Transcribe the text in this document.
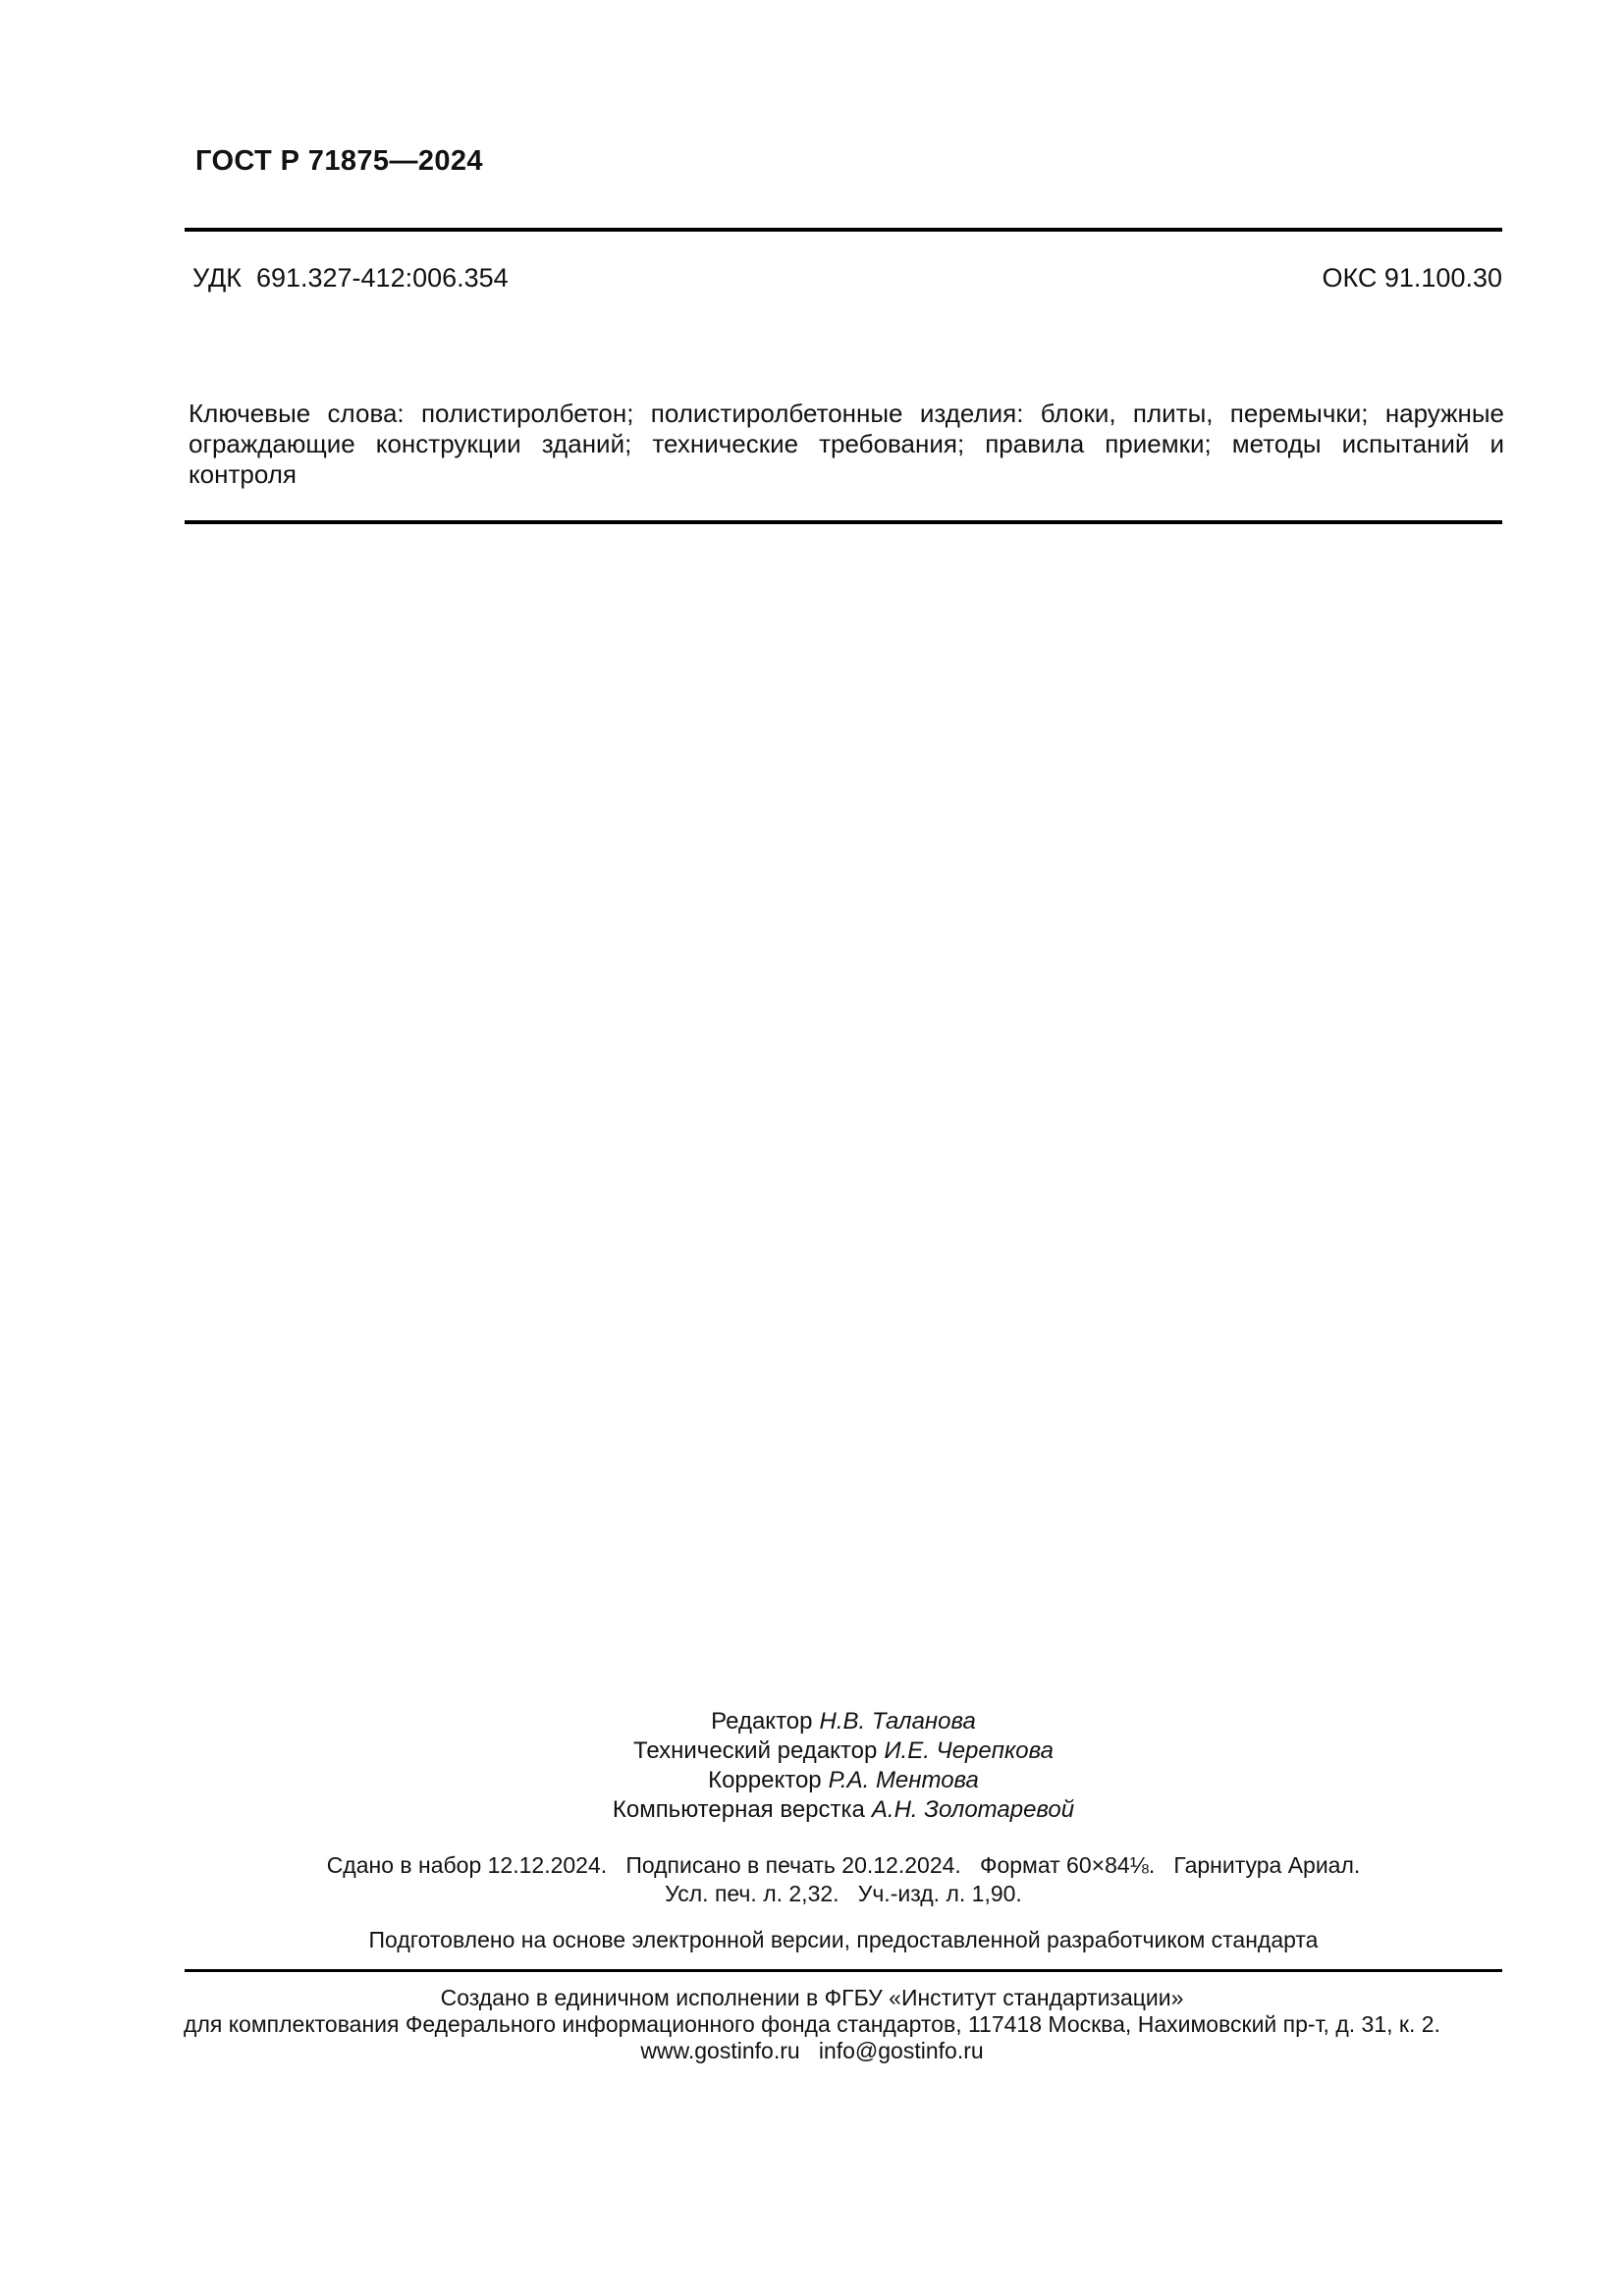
ГОСТ Р 71875—2024
УДК  691.327-412:006.354	ОКС 91.100.30
Ключевые слова: полистиролбетон; полистиролбетонные изделия: блоки, плиты, перемычки; наружные ограждающие конструкции зданий; технические требования; правила приемки; методы испытаний и контроля
Редактор Н.В. Таланова
Технический редактор И.Е. Черепкова
Корректор Р.А. Ментова
Компьютерная верстка А.Н. Золотаревой
Сдано в набор 12.12.2024.   Подписано в печать 20.12.2024.   Формат 60×84⅛.   Гарнитура Ариал.
Усл. печ. л. 2,32.   Уч.-изд. л. 1,90.
Подготовлено на основе электронной версии, предоставленной разработчиком стандарта
Создано в единичном исполнении в ФГБУ «Институт стандартизации»
для комплектования Федерального информационного фонда стандартов, 117418 Москва, Нахимовский пр-т, д. 31, к. 2.
www.gostinfo.ru   info@gostinfo.ru
